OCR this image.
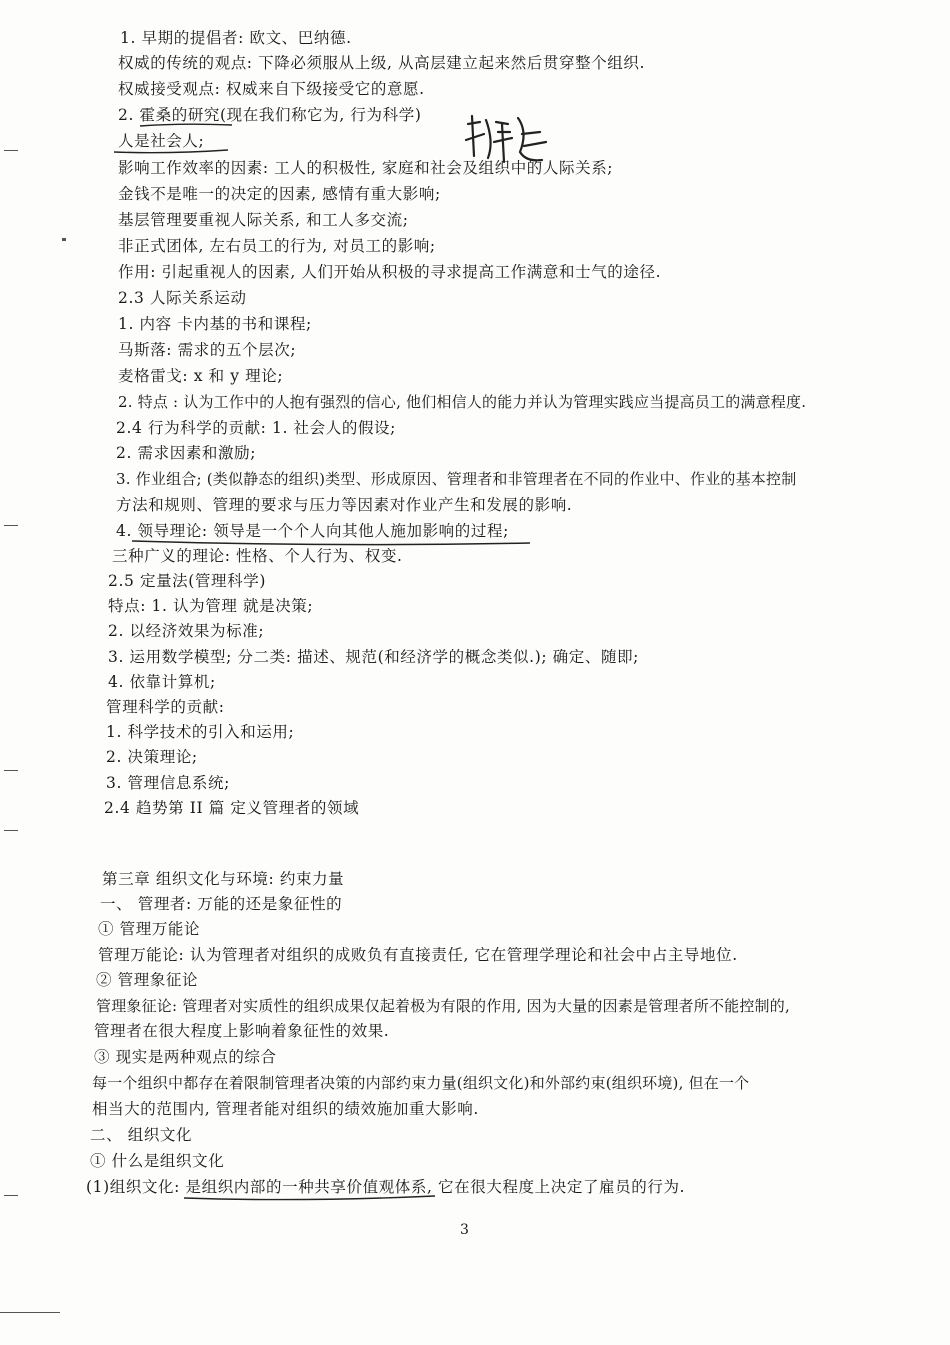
1. 早期的提倡者: 欧文、巴纳德.
权威的传统的观点: 下降必须服从上级, 从高层建立起来然后贯穿整个组织.
权威接受观点: 权威来自下级接受它的意愿.
2. 霍桑的研究(现在我们称它为, 行为科学)
人是社会人;
影响工作效率的因素: 工人的积极性, 家庭和社会及组织中的人际关系;
金钱不是唯一的决定的因素, 感情有重大影响;
基层管理要重视人际关系, 和工人多交流;
非正式团体, 左右员工的行为, 对员工的影响;
作用: 引起重视人的因素, 人们开始从积极的寻求提高工作满意和士气的途径.
2.3 人际关系运动
1. 内容 卡内基的书和课程;
马斯落: 需求的五个层次;
麦格雷戈: x 和 y 理论;
2. 特点 : 认为工作中的人抱有强烈的信心, 他们相信人的能力并认为管理实践应当提高员工的满意程度.
2.4 行为科学的贡献: 1. 社会人的假设;
2. 需求因素和激励;
3. 作业组合; (类似静态的组织)类型、形成原因、管理者和非管理者在不同的作业中、作业的基本控制
方法和规则、管理的要求与压力等因素对作业产生和发展的影响.
4. 领导理论: 领导是一个个人向其他人施加影响的过程;
三种广义的理论: 性格、个人行为、权变.
2.5 定量法(管理科学)
特点: 1. 认为管理 就是决策;
2. 以经济效果为标准;
3. 运用数学模型; 分二类: 描述、规范(和经济学的概念类似.); 确定、随即;
4. 依靠计算机;
管理科学的贡献:
1. 科学技术的引入和运用;
2. 决策理论;
3. 管理信息系统;
2.4 趋势第 II 篇 定义管理者的领域
第三章 组织文化与环境: 约束力量
一、 管理者: 万能的还是象征性的
① 管理万能论
管理万能论: 认为管理者对组织的成败负有直接责任, 它在管理学理论和社会中占主导地位.
② 管理象征论
管理象征论: 管理者对实质性的组织成果仅起着极为有限的作用, 因为大量的因素是管理者所不能控制的,
管理者在很大程度上影响着象征性的效果.
③ 现实是两种观点的综合
每一个组织中都存在着限制管理者决策的内部约束力量(组织文化)和外部约束(组织环境), 但在一个
相当大的范围内, 管理者能对组织的绩效施加重大影响.
二、 组织文化
① 什么是组织文化
(1)组织文化: 是组织内部的一种共享价值观体系, 它在很大程度上决定了雇员的行为.
3
